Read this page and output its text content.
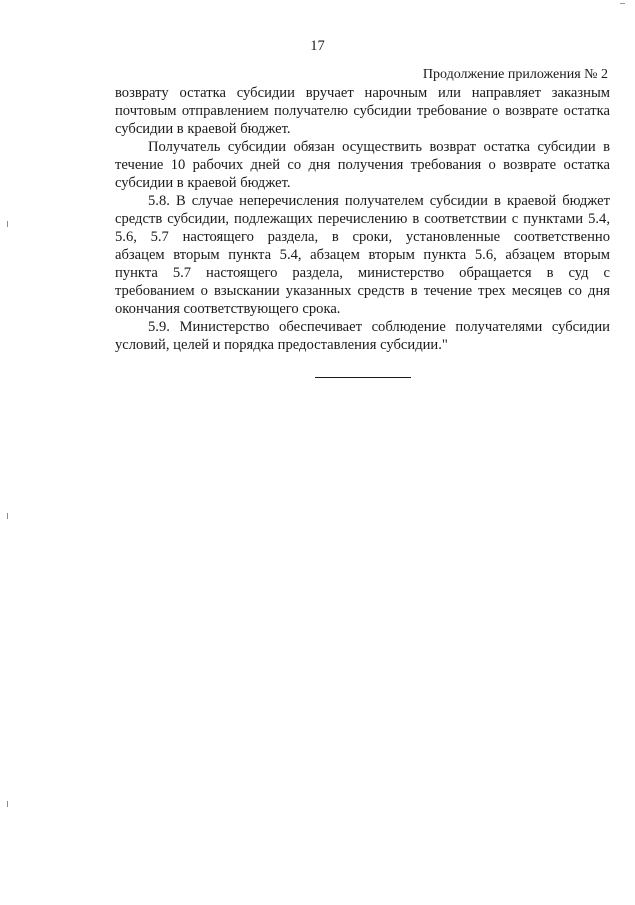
17
Продолжение приложения № 2

возврату остатка субсидии вручает нарочным или направляет заказным
почтовым отправлением получателю субсидии требование о возврате остатка
субсидии в краевой бюджет.

Получатель субсидии обязан осуществить возврат остатка субсидии в
течение 10 рабочих дней со дня получения требования о возврате остатка
субсидии в краевой бюджет.

5.8. В случае неперечисления получателем субсидии в краевой бюджет
средств субсидии, подлежащих перечислению в соответствии с пунктами 5.4,
5.6, 5.7 настоящего раздела, в сроки, установленные соответственно
абзацем вторым пункта 5.4, абзацем вторым пункта 5.6, абзацем вторым
пункта 5.7 настоящего раздела, министерство обращается в суд с
требованием о взыскании указанных средств в течение трех месяцев со дня
окончания соответствующего срока.

5.9. Министерство обеспечивает соблюдение получателями субсидии
условий, целей и порядка предоставления субсидии."
